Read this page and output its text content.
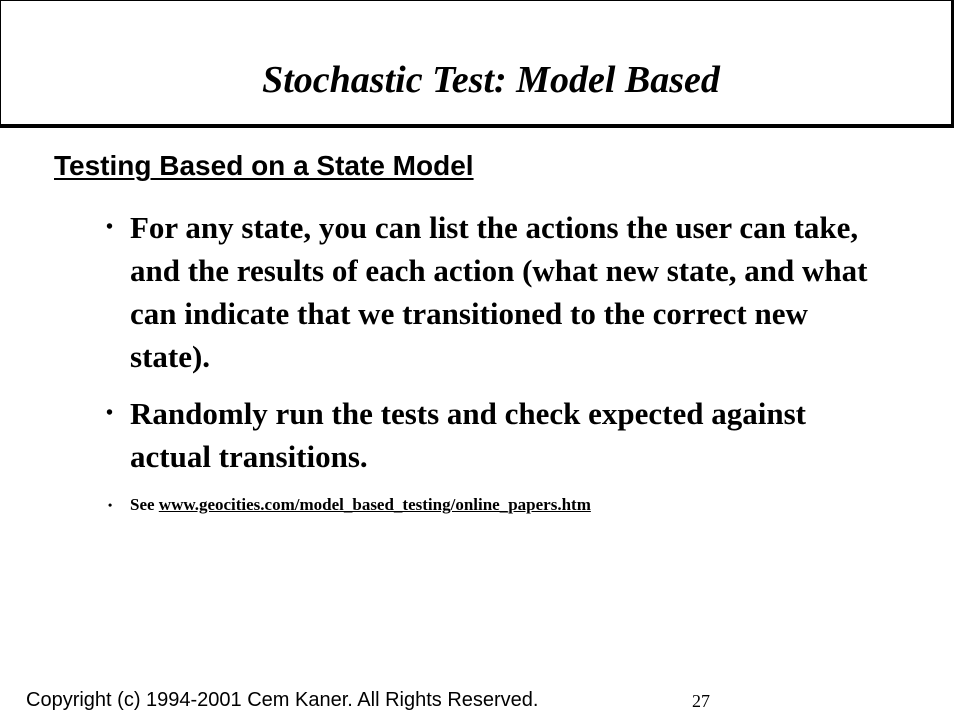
Stochastic Test: Model Based
Testing Based on a State Model
• For any state, you can list the actions the user can take, and the results of each action (what new state, and what can indicate that we transitioned to the correct new state).
• Randomly run the tests and check expected against actual transitions.
• See www.geocities.com/model_based_testing/online_papers.htm
Copyright (c) 1994-2001 Cem Kaner. All Rights Reserved.	27
